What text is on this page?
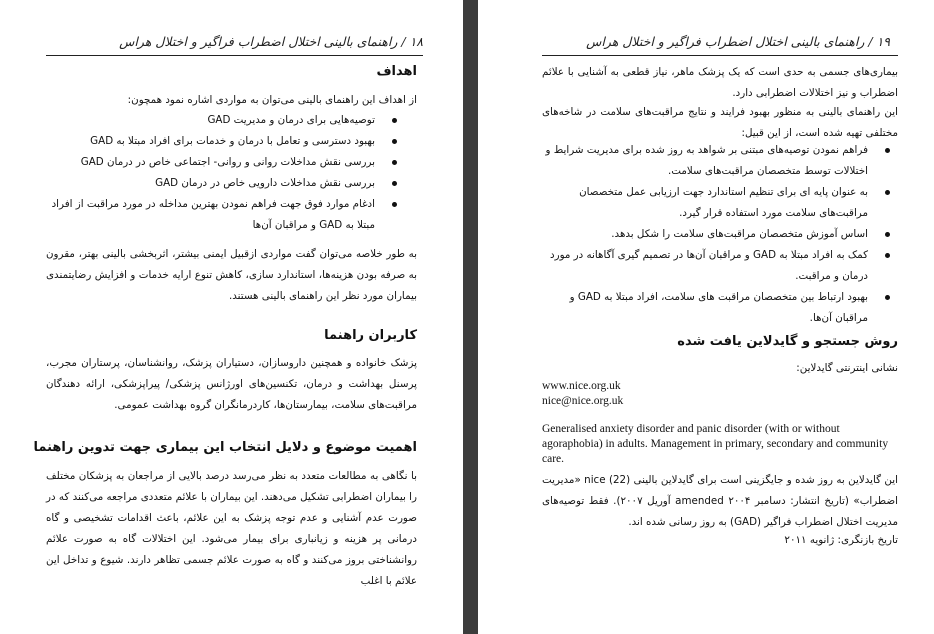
۱۸ / راهنمای بالینی اختلال اضطراب فراگیر و اختلال هراس
اهداف
از اهداف این راهنمای بالینی می‌توان به مواردی اشاره نمود همچون:
توصیه‌هایی برای درمان و مدیریت GAD
بهبود دسترسی و تعامل با درمان و خدمات برای افراد مبتلا به GAD
بررسی نقش مداخلات روانی و روانی- اجتماعی خاص در درمان GAD
بررسی نقش مداخلات دارویی خاص در درمان GAD
ادغام موارد فوق جهت فراهم نمودن بهترین مداخله در مورد مراقبت از افراد مبتلا به GAD و مراقبان آن‌ها
به طور خلاصه می‌توان گفت مواردی ازقبیل ایمنی بیشتر، اثربخشی بالینی بهتر، مقرون به صرفه بودن هزینه‌ها، استاندارد سازی، کاهش تنوع ارایه خدمات و افزایش رضایتمندی بیماران مورد نظر این راهنمای بالینی هستند.
کاربران راهنما
پزشک خانواده و همچنین داروسازان، دستیاران پزشک، روانشناسان، پرستاران مجرب، پرسنل بهداشت و درمان، تکنسین‌های اورژانس پزشکی/ پیراپزشکی، ارائه دهندگان مراقبت‌های سلامت، بیمارستان‌ها، کاردرمانگران گروه بهداشت عمومی.
اهمیت موضوع و دلایل انتخاب این بیماری جهت تدوین راهنما
با نگاهی به مطالعات متعدد به نظر می‌رسد درصد بالایی از مراجعان به پزشکان مختلف را بیماران اضطرابی تشکیل می‌دهند. این بیماران با علائم متعددی مراجعه می‌کنند که در صورت عدم آشنایی و عدم توجه پزشک به این علائم، باعث اقدامات تشخیصی و گاه درمانی پر هزینه و زیانباری برای بیمار می‌شود. این اختلالات گاه به صورت علائم روانشناختی بروز می‌کنند و گاه به صورت علائم جسمی تظاهر دارند. شیوع و تداخل این علائم با اغلب
۱۹ / راهنمای بالینی اختلال اضطراب فراگیر و اختلال هراس
بیماری‌های جسمی به حدی است که یک پزشک ماهر، نیاز قطعی به آشنایی با علائم اضطراب و نیز اختلالات اضطرابی دارد.
این راهنمای بالینی به منظور بهبود فرایند و نتایج مراقبت‌های سلامت در شاخه‌های مختلفی تهیه شده است، از این قبیل:
فراهم نمودن توصیه‌های مبتنی بر شواهد به روز شده برای مدیریت شرایط و اختلالات توسط متخصصان مراقبت‌های سلامت.
به عنوان پایه ای برای تنظیم استاندارد جهت ارزیابی عمل متخصصان مراقبت‌های سلامت مورد استفاده قرار گیرد.
اساس آموزش متخصصان مراقبت‌های سلامت را شکل بدهد.
کمک به افراد مبتلا به GAD و مراقبان آن‌ها در تصمیم گیری آگاهانه در مورد درمان و مراقبت.
بهبود ارتباط بین متخصصان مراقبت های سلامت، افراد مبتلا به GAD و مراقبان آن‌ها.
روش جستجو و گایدلاین یافت شده
نشانی اینترنتی گایدلاین:
www.nice.org.uk
nice@nice.org.uk
Generalised anxiety disorder and panic disorder (with or without agoraphobia) in adults. Management in primary, secondary and community care.
این گایدلاین به روز شده و جایگزینی است برای گایدلاین بالینی (22) nice «مدیریت اضطراب» (تاریخ انتشار: دسامبر ۲۰۰۴ amended آوریل ۲۰۰۷). فقط توصیه‌های مدیریت اختلال اضطراب فراگیر (GAD) به روز رسانی شده اند.
تاریخ بازنگری: ژانویه ۲۰۱۱
